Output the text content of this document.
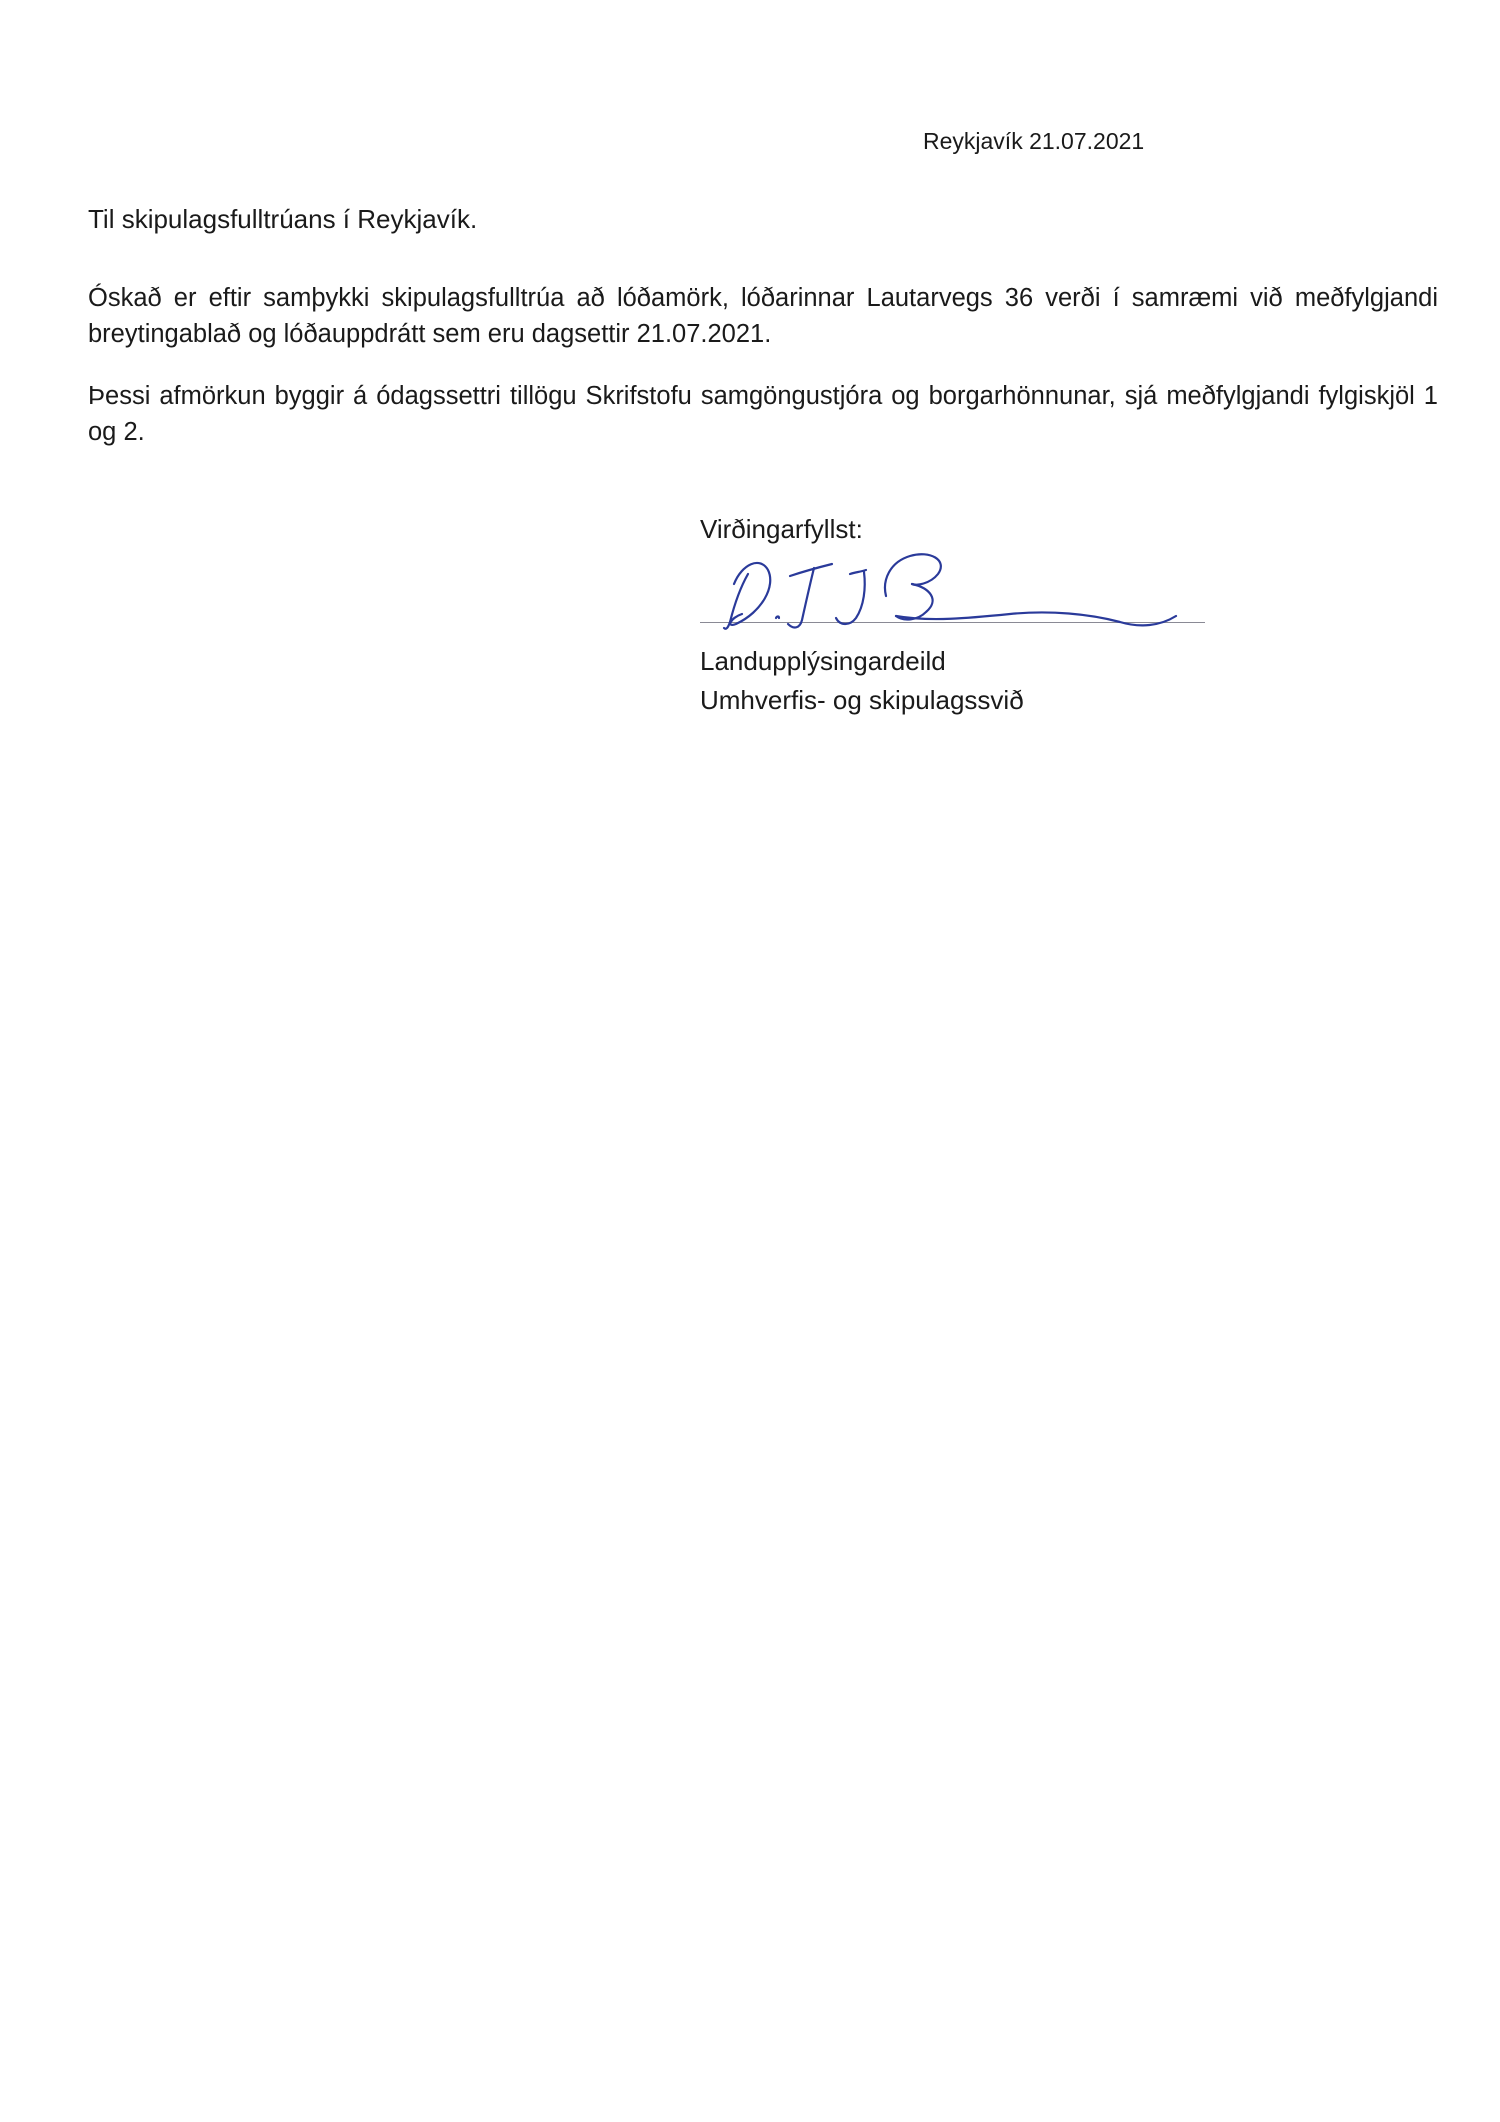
Reykjavík 21.07.2021
Til skipulagsfulltrúans í Reykjavík.

Óskað er eftir samþykki skipulagsfulltrúa að lóðamörk, lóðarinnar Lautarvegs 36 verði í samræmi við meðfylgjandi breytingablað og lóðauppdrátt sem eru dagsettir 21.07.2021.

Þessi afmörkun byggir á ódagssettri tillögu Skrifstofu samgöngustjóra og borgarhönnunar, sjá meðfylgjandi fylgiskjöl 1 og 2.

Virðingarfyllst:
Landupplýsingardeild
Umhverfis- og skipulagssvið
